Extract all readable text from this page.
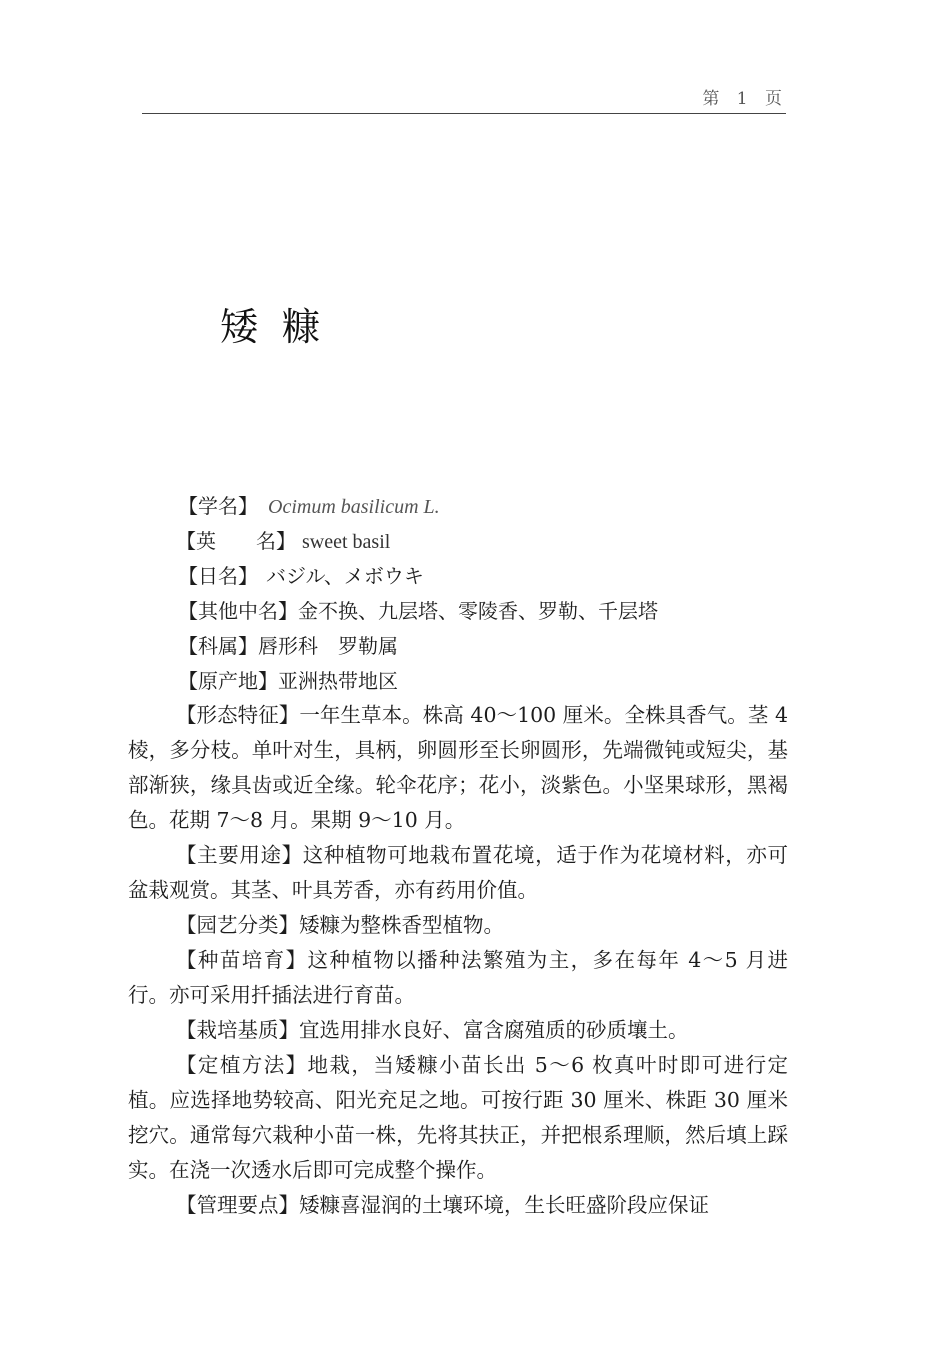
第 1 页
矮糠
【学名】 Ocimum basilicum L.
【英　　名】 sweet basil
【日名】 バジル、メボウキ
【其他中名】金不换、九层塔、零陵香、罗勒、千层塔
【科属】唇形科　罗勒属
【原产地】亚洲热带地区
【形态特征】一年生草本。株高 40～100 厘米。全株具香气。茎 4 棱，多分枝。单叶对生，具柄，卵圆形至长卵圆形，先端微钝或短尖，基部渐狭，缘具齿或近全缘。轮伞花序；花小，淡紫色。小坚果球形，黑褐色。花期 7～8 月。果期 9～10 月。
【主要用途】这种植物可地栽布置花境，适于作为花境材料，亦可盆栽观赏。其茎、叶具芳香，亦有药用价值。
【园艺分类】矮糠为整株香型植物。
【种苗培育】这种植物以播种法繁殖为主，多在每年 4～5 月进行。亦可采用扦插法进行育苗。
【栽培基质】宜选用排水良好、富含腐殖质的砂质壤土。
【定植方法】地栽，当矮糠小苗长出 5～6 枚真叶时即可进行定植。应选择地势较高、阳光充足之地。可按行距 30 厘米、株距 30 厘米挖穴。通常每穴栽种小苗一株，先将其扶正，并把根系理顺，然后填上踩实。在浇一次透水后即可完成整个操作。
【管理要点】矮糠喜湿润的土壤环境，生长旺盛阶段应保证
